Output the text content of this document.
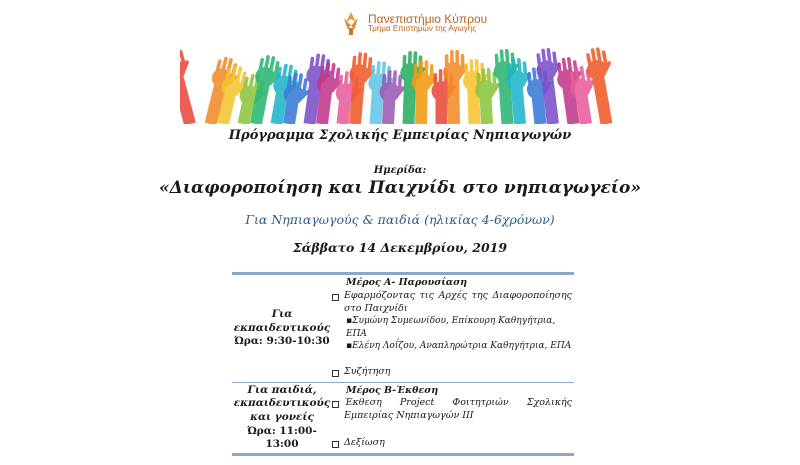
Πανεπιστήμιο Κύπρου
Τμήμα Επιστημών της Αγωγής
Πρόγραμμα Σχολικής Εμπειρίας Νηπιαγωγών
Ημερίδα:
«Διαφοροποίηση και Παιχνίδι στο νηπιαγωγείο»
Για Νηπιαγωγούς & παιδιά (ηλικίας 4-6χρόνων)
Σάββατο 14 Δεκεμβρίου, 2019
Για
εκπαιδευτικούς
Ώρα: 9:30-10:30
Μέρος Α- Παρουσίαση
Εφαρμόζοντας τις Αρχές της Διαφοροποίησης στο Παιχνίδι
▪Συμώνη Συμεωνίδου, Επίκουρη Καθηγήτρια, ΕΠΑ
▪Ελένη Λοΐζου, Αναπληρώτρια Καθηγήτρια, ΕΠΑ
Συζήτηση
Για παιδιά,
εκπαιδευτικούς
και γονείς
Ώρα: 11:00-13:00
Μέρος Β-Έκθεση
Έκθεση Project Φοιτητριών Σχολικής Εμπειρίας Νηπιαγωγών ΙΙΙ
Δεξίωση
